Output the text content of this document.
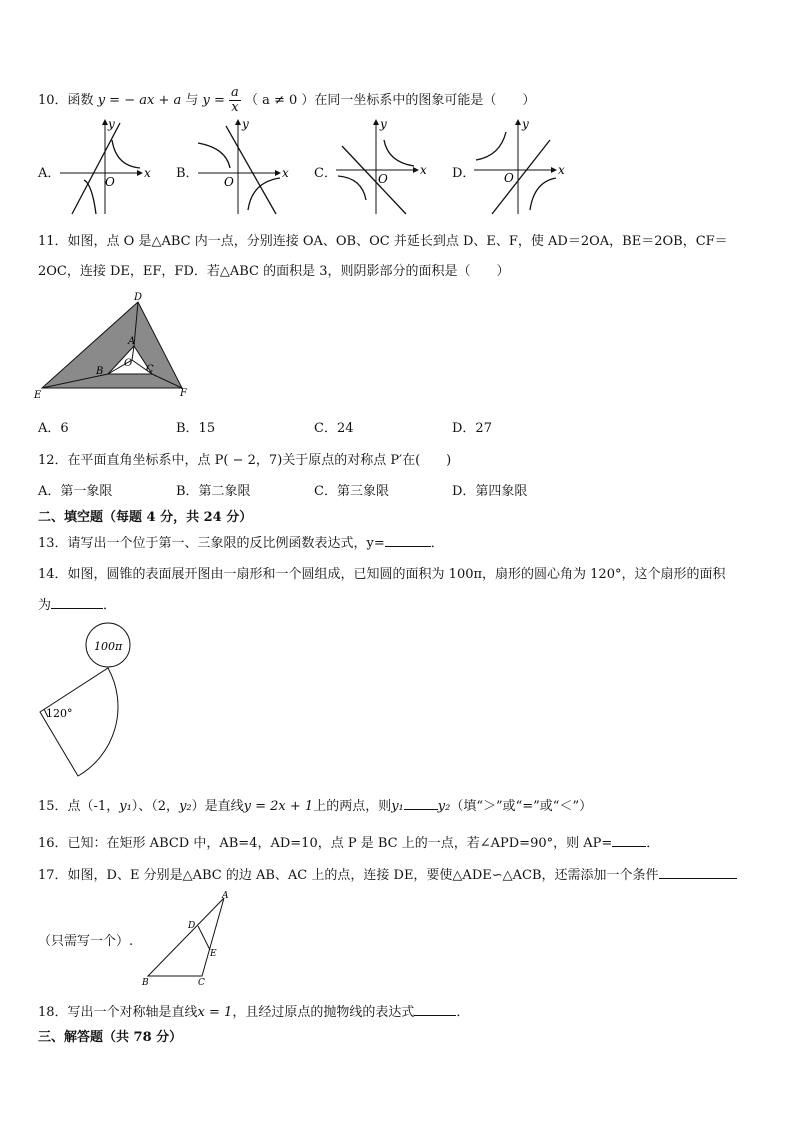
10．函数 y = − ax + a 与 $y = \frac{a}{x}$ （ a ≠ 0 ）在同一坐标系中的图象可能是（　　）
A．	B．	C．	D．
x
y
O
x
y
O
x
y
O
x
y
O
11．如图，点 O 是△ABC 内一点，分别连接 OA、OB、OC 并延长到点 D、E、F，使 AD＝2OA，BE＝2OB，CF＝
2OC，连接 DE，EF，FD．若△ABC 的面积是 3，则阴影部分的面积是（　　）
D
A
O
B	C
E	F
A．6	B．15	C．24	D．27
12．在平面直角坐标系中，点 P( − 2，7)关于原点的对称点 P′在(　　)
A．第一象限	B．第二象限	C．第三象限	D．第四象限
二、填空题（每题 4 分，共 24 分）
13．请写出一个位于第一、三象限的反比例函数表达式，y=	．
14．如图，圆锥的表面展开图由一扇形和一个圆组成，已知圆的面积为 100π，扇形的圆心角为 120°，这个扇形的面积
为	．
100π
120°
15．点（-1，y₁）、（2，y₂）是直线y = 2x + 1上的两点，则y₁	y₂（填“＞”或“=”或“＜”）
16．已知：在矩形 ABCD 中，AB=4，AD=10，点 P 是 BC 上的一点，若∠APD=90°，则 AP=	．
17．如图，D、E 分别是△ABC 的边 AB、AC 上的点，连接 DE，要使△ADE∽△ACB，还需添加一个条件
（只需写一个）.
A
D
E
B	C
18．写出一个对称轴是直线x = 1，且经过原点的抛物线的表达式	．
三、解答题（共 78 分）
